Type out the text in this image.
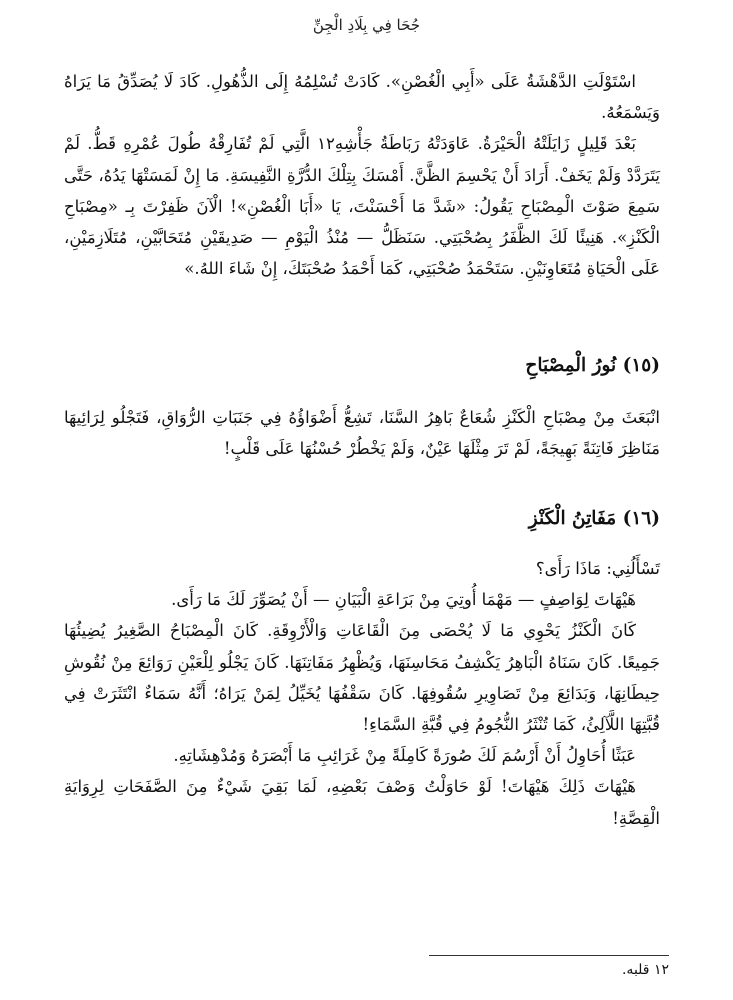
جُحَا فِي بِلَادِ الْجِنِّ

اسْتَوْلَتِ الدَّهْشَةُ عَلَى «أَبِي الْغُصْنِ». كَادَتْ تُسْلِمُهُ إِلَى الذُّهُولِ. كَادَ لَا يُصَدِّقُ مَا يَرَاهُ وَيَسْمَعُهُ.

بَعْدَ قَلِيلٍ زَايَلَتْهُ الْحَيْرَةُ. عَاوَدَتْهُ رَبَاطَةُ جَأْشِهِ١٢ الَّتِي لَمْ تُفَارِقْهُ طُولَ عُمْرِهِ قَطُّ. لَمْ يَتَرَدَّدْ وَلَمْ يَخَفْ. أَرَادَ أَنْ يَحْسِمَ الظَّنَّ. أَمْسَكَ بِتِلْكَ الدُّرَّةِ النَّفِيسَةِ. مَا إِنْ لَمَسَتْهَا يَدُهُ، حَتَّى سَمِعَ صَوْتَ الْمِصْبَاحِ يَقُولُ: «شَدَّ مَا أَحْسَنْتَ، يَا «أَبَا الْغُصْنِ»! الْآنَ ظَفِرْتَ بِـ «مِصْبَاحِ الْكَنْزِ». هَنِيئًا لَكَ الظَّفَرُ بِصُحْبَتِي. سَنَظَلُّ — مُنْذُ الْيَوْمِ — صَدِيقَيْنِ مُتَحَابَّيْنِ، مُتَلَازِمَيْنِ، عَلَى الْحَيَاةِ مُتَعَاوِنَيْنِ. سَتَحْمَدُ صُحْبَتِي، كَمَا أَحْمَدُ صُحْبَتَكَ، إِنْ شَاءَ اللهُ.»

(١٥) نُورُ الْمِصْبَاحِ

انْبَعَثَ مِنْ مِصْبَاحِ الْكَنْزِ شُعَاعٌ بَاهِرُ السَّنَا، تَشِعُّ أَضْوَاؤُهُ فِي جَنَبَاتِ الرُّوَاقِ، فَتَجْلُو لِرَائِيهَا مَنَاظِرَ فَاتِنَةً بَهِيجَةً، لَمْ تَرَ مِثْلَهَا عَيْنٌ، وَلَمْ يَخْطُرْ حُسْنُهَا عَلَى قَلْبٍ!

(١٦) مَفَاتِنُ الْكَنْزِ

تَسْأَلُنِي: مَاذَا رَأَى؟

هَيْهَاتَ لِوَاصِفٍ — مَهْمَا أُوتِيَ مِنْ بَرَاعَةِ الْبَيَانِ — أَنْ يُصَوِّرَ لَكَ مَا رَأَى.

كَانَ الْكَنْزُ يَحْوِي مَا لَا يُحْصَى مِنَ الْقَاعَاتِ وَالْأَرْوِقَةِ. كَانَ الْمِصْبَاحُ الصَّغِيرُ يُضِيئُهَا جَمِيعًا. كَانَ سَنَاهُ الْبَاهِرُ يَكْشِفُ مَحَاسِنَهَا، وَيُظْهِرُ مَفَاتِنَهَا. كَانَ يَجْلُو لِلْعَيْنِ رَوَائِعَ مِنْ نُقُوشِ حِيطَانِهَا، وَبَدَائِعَ مِنْ تَصَاوِيرِ سُقُوفِهَا. كَانَ سَقْفُهَا يُخَيِّلُ لِمَنْ يَرَاهُ؛ أَنَّهُ سَمَاءٌ انْتَثَرَتْ فِي قُبَّتِهَا اللَّآلِئُ، كَمَا تُنْثَرُ النُّجُومُ فِي قُبَّةِ السَّمَاءِ!

عَبَثًا أُحَاوِلُ أَنْ أَرْسُمَ لَكَ صُورَةً كَامِلَةً مِنْ غَرَائِبِ مَا أَبْصَرَهُ وَمُدْهِشَاتِهِ.

هَيْهَاتَ ذَلِكَ هَيْهَاتَ! لَوْ حَاوَلْتُ وَصْفَ بَعْضِهِ، لَمَا بَقِيَ شَيْءٌ مِنَ الصَّفَحَاتِ لِرِوَايَةِ الْقِصَّةِ!

١٢ قلبه.
